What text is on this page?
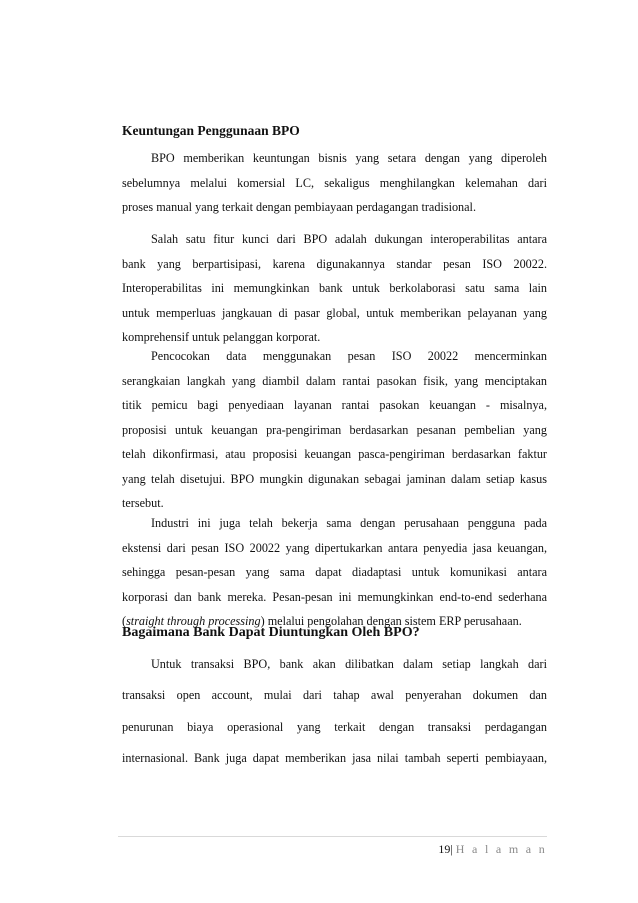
Keuntungan Penggunaan BPO

BPO memberikan keuntungan bisnis yang setara dengan yang diperoleh
sebelumnya melalui komersial LC, sekaligus menghilangkan kelemahan dari
proses manual yang terkait dengan pembiayaan perdagangan tradisional.

Salah satu fitur kunci dari BPO adalah dukungan interoperabilitas antara
bank yang berpartisipasi, karena digunakannya standar pesan ISO 20022.
Interoperabilitas ini memungkinkan bank untuk berkolaborasi satu sama lain
untuk memperluas jangkauan di pasar global, untuk memberikan pelayanan yang
komprehensif untuk pelanggan korporat.

Pencocokan data menggunakan pesan ISO 20022 mencerminkan
serangkaian langkah yang diambil dalam rantai pasokan fisik, yang menciptakan
titik pemicu bagi penyediaan layanan rantai pasokan keuangan - misalnya,
proposisi untuk keuangan pra-pengiriman berdasarkan pesanan pembelian yang
telah dikonfirmasi, atau proposisi keuangan pasca-pengiriman berdasarkan faktur
yang telah disetujui. BPO mungkin digunakan sebagai jaminan dalam setiap kasus
tersebut.

Industri ini juga telah bekerja sama dengan perusahaan pengguna pada
ekstensi dari pesan ISO 20022 yang dipertukarkan antara penyedia jasa keuangan,
sehingga pesan-pesan yang sama dapat diadaptasi untuk komunikasi antara
korporasi dan bank mereka. Pesan-pesan ini memungkinkan end-to-end sederhana
(straight through processing) melalui pengolahan dengan sistem ERP perusahaan.

Bagaimana Bank Dapat Diuntungkan Oleh BPO?

Untuk transaksi BPO, bank akan dilibatkan dalam setiap langkah dari
transaksi open account, mulai dari tahap awal penyerahan dokumen dan
penurunan biaya operasional yang terkait dengan transaksi perdagangan
internasional. Bank juga dapat memberikan jasa nilai tambah seperti pembiayaan,

19| H a l a m a n
